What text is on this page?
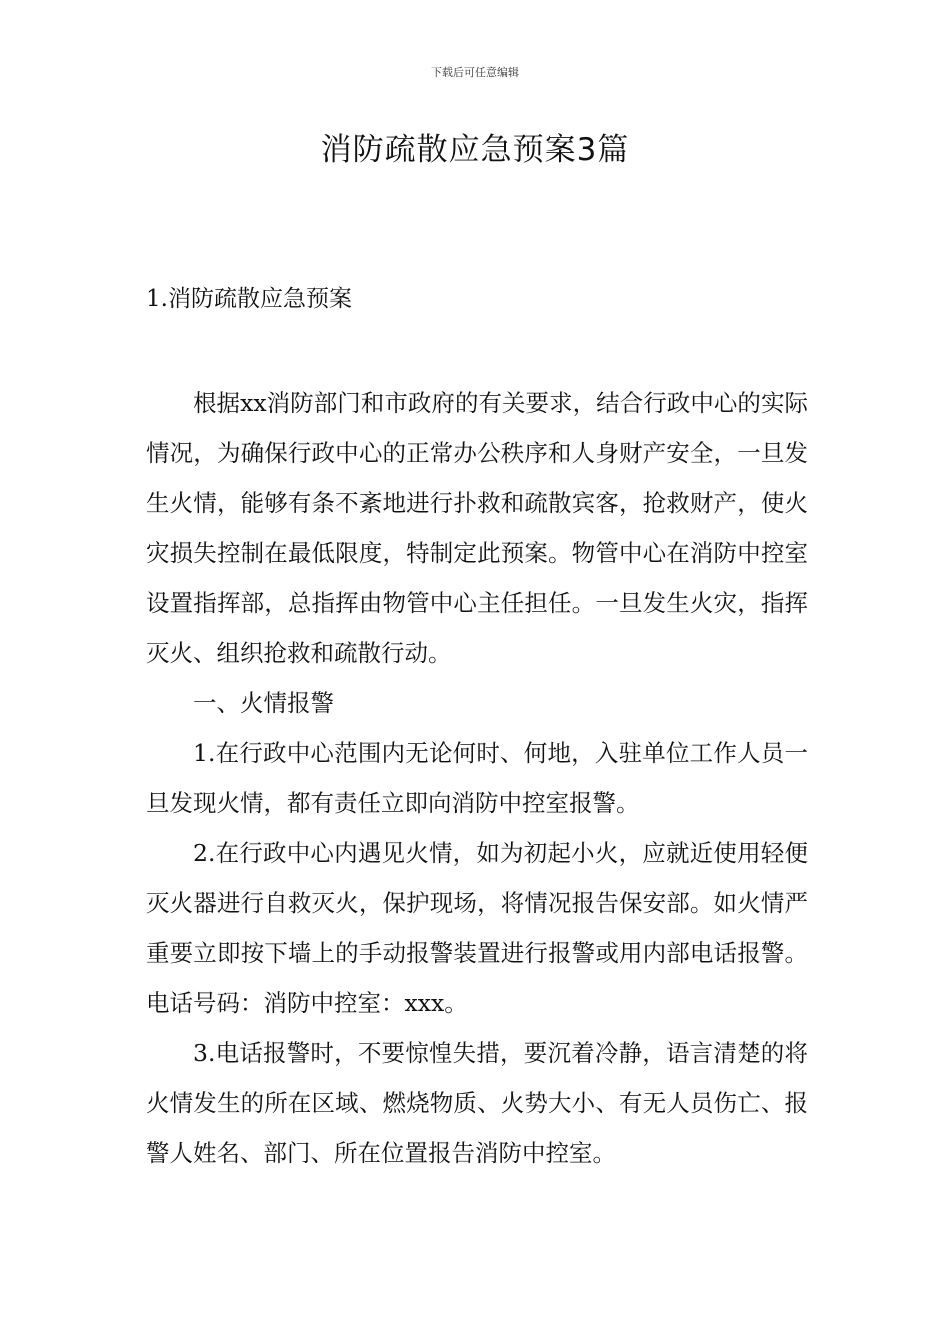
下载后可任意编辑
消防疏散应急预案3篇
1.消防疏散应急预案

根据xx消防部门和市政府的有关要求，结合行政中心的实际情况，为确保行政中心的正常办公秩序和人身财产安全，一旦发生火情，能够有条不紊地进行扑救和疏散宾客，抢救财产，使火灾损失控制在最低限度，特制定此预案。物管中心在消防中控室设置指挥部，总指挥由物管中心主任担任。一旦发生火灾，指挥灭火、组织抢救和疏散行动。

一、火情报警

1.在行政中心范围内无论何时、何地，入驻单位工作人员一旦发现火情，都有责任立即向消防中控室报警。

2.在行政中心内遇见火情，如为初起小火，应就近使用轻便灭火器进行自救灭火，保护现场，将情况报告保安部。如火情严重要立即按下墙上的手动报警装置进行报警或用内部电话报警。电话号码：消防中控室：xxx。

3.电话报警时，不要惊惶失措，要沉着冷静，语言清楚的将火情发生的所在区域、燃烧物质、火势大小、有无人员伤亡、报警人姓名、部门、所在位置报告消防中控室。
